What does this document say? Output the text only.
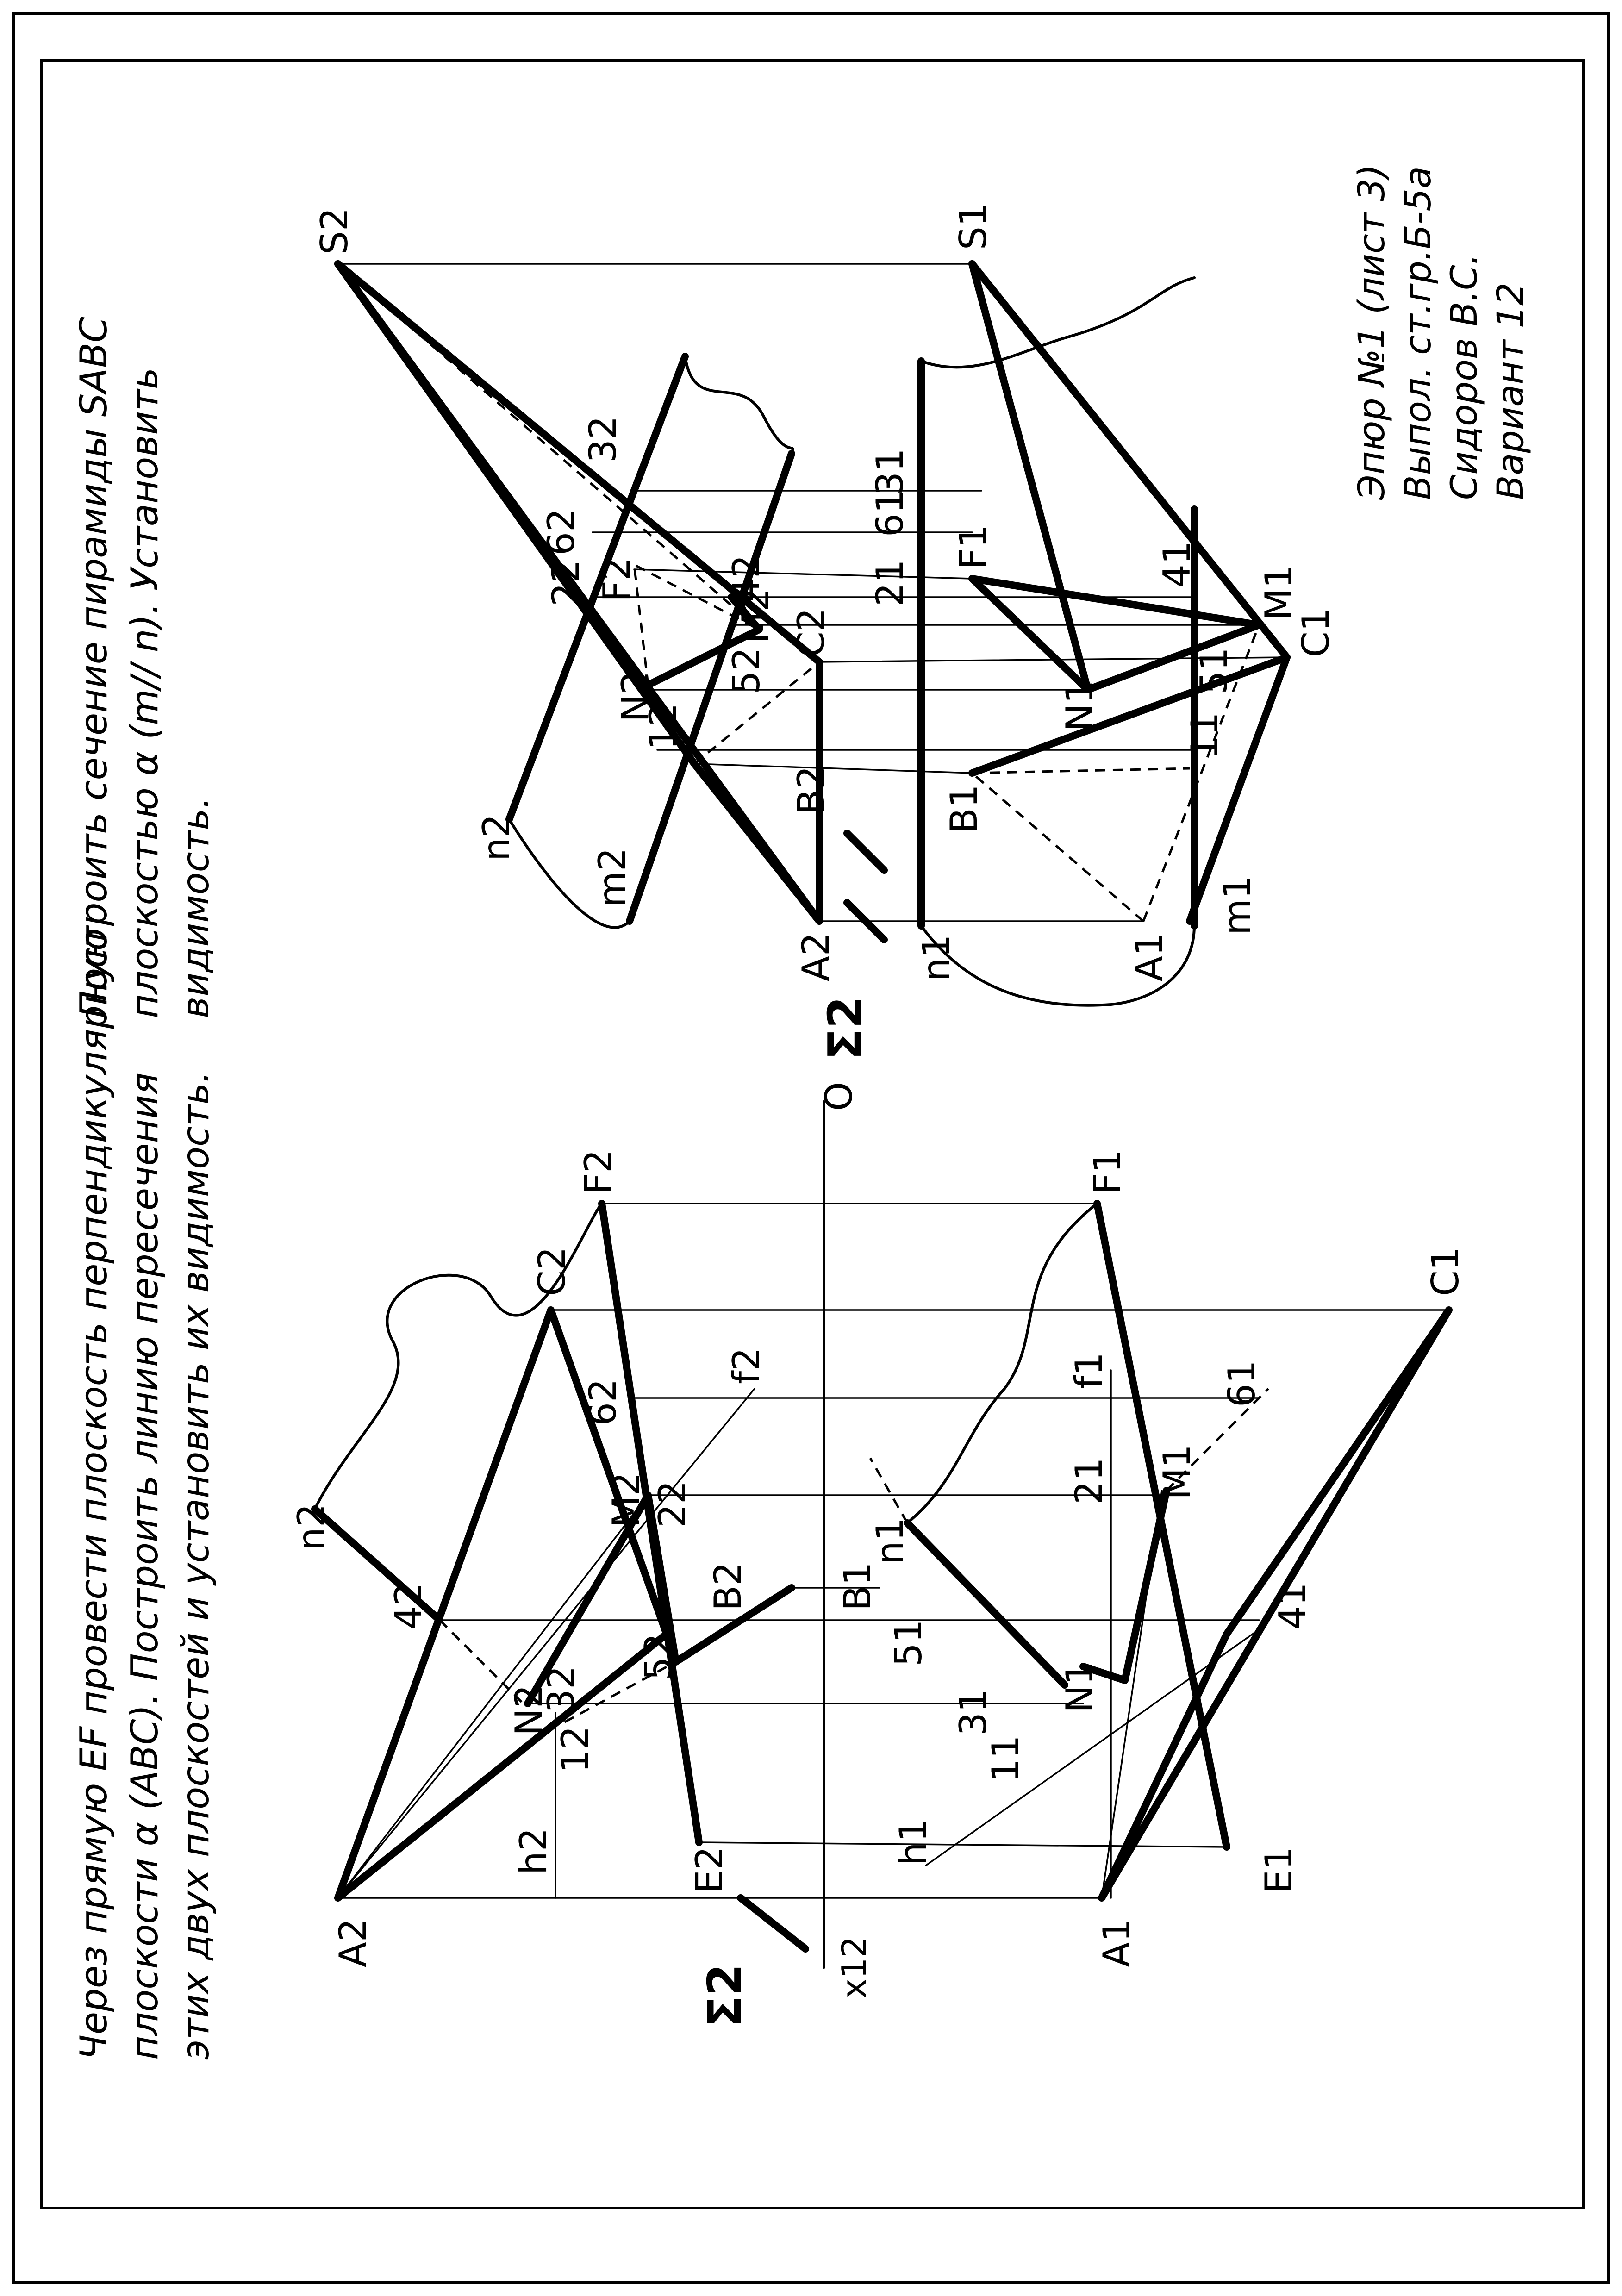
x12
O
Σ2
A2
C2
F2
E2
B2
N2
M2
n2
h2
f2
12
22
32
42
52
62
A1
B1
C1
E1
F1
N1
M1
n1
h1
f1
11
21
31
41
51
61
Σ2
S2
A2
B2
C2
N2
M2
F2
n2
m2
12
22
32
42
52
62
S1
A1
B1
C1
N1
M1
F1
n1
m1
11
21
31
41
51
61
Через прямую EF провести плоскость перпендикулярную плоскости α (ABC). Построить линию пересечения этих двух плоскостей и установить их видимость.
Построить сечение пирамиды SABC плоскостью α (m// n). Установить видимость.
Эпюр №1 (лист 3) Выпол. ст.гр.Б-5а Сидоров В.С. Вариант 12
